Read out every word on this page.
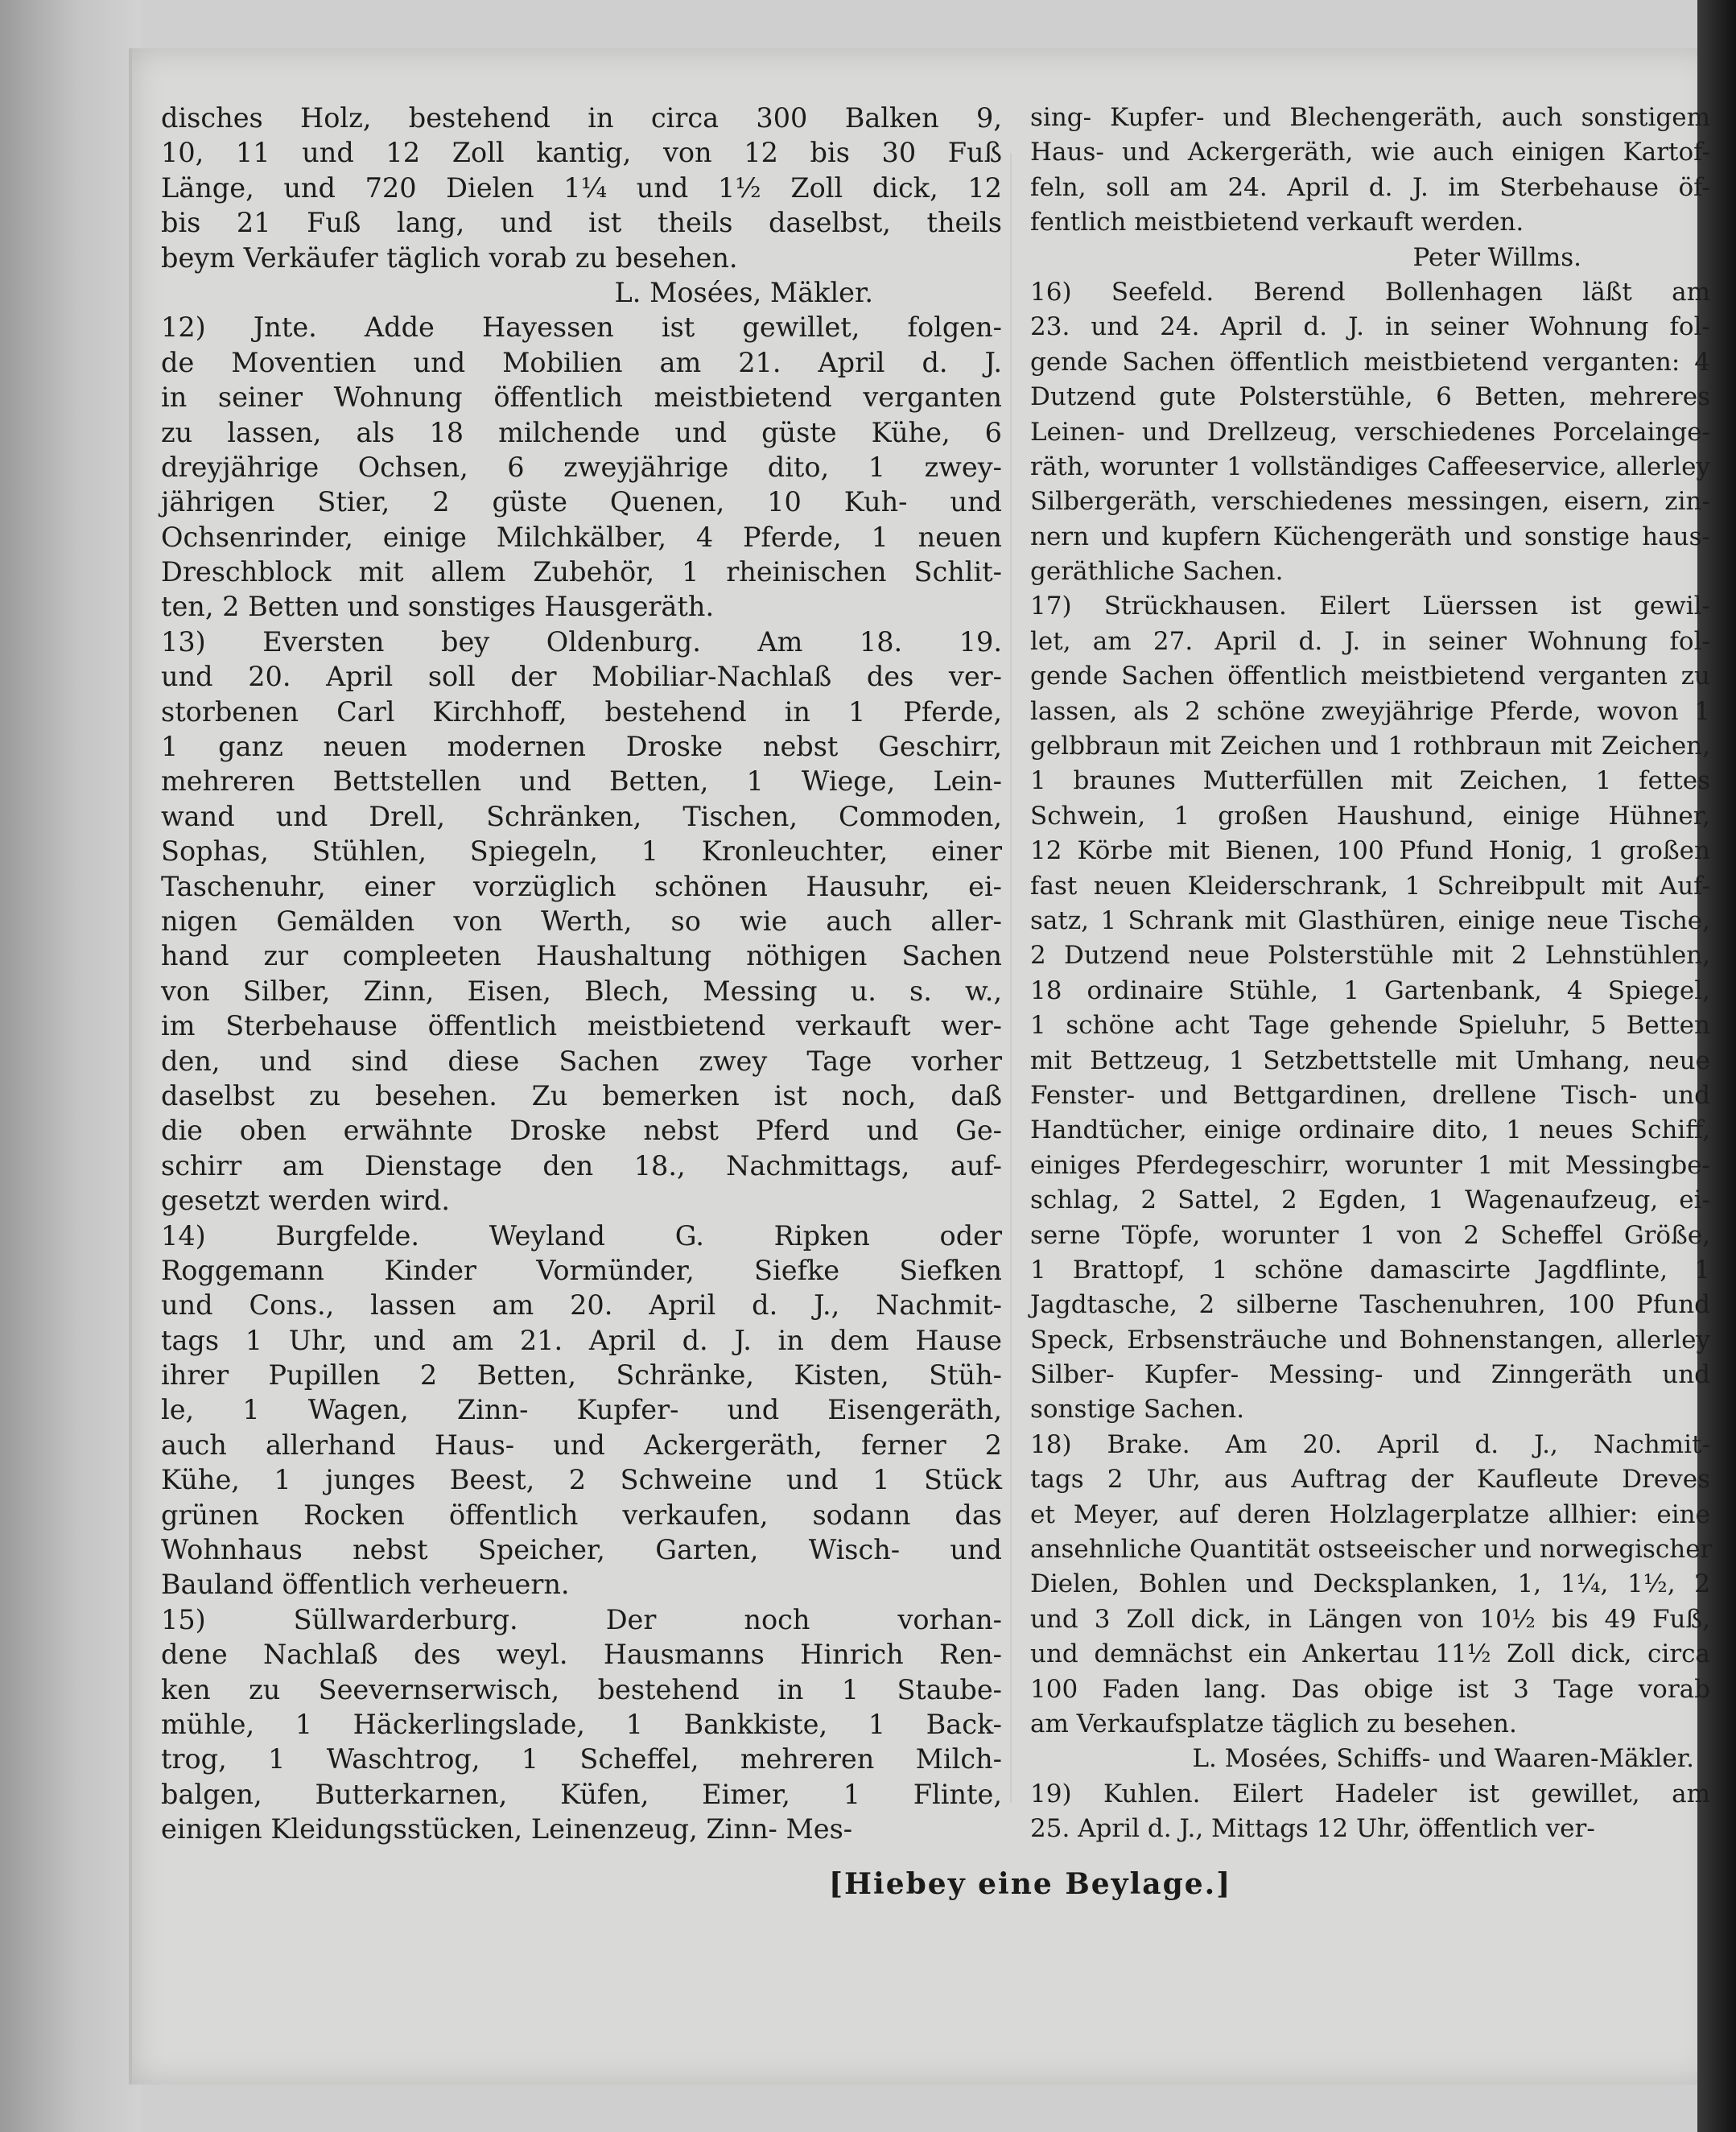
disches Holz, bestehend in circa 300 Balken 9,
10, 11 und 12 Zoll kantig, von 12 bis 30 Fuß
Länge, und 720 Dielen 1¼ und 1½ Zoll dick, 12
bis 21 Fuß lang, und ist theils daselbst, theils
beym Verkäufer täglich vorab zu besehen.
L. Mosées, Mäkler.
12) Jnte. Adde Hayessen ist gewillet, folgen-
de Moventien und Mobilien am 21. April d. J.
in seiner Wohnung öffentlich meistbietend verganten
zu lassen, als 18 milchende und güste Kühe, 6
dreyjährige Ochsen, 6 zweyjährige dito, 1 zwey-
jährigen Stier, 2 güste Quenen, 10 Kuh- und
Ochsenrinder, einige Milchkälber, 4 Pferde, 1 neuen
Dreschblock mit allem Zubehör, 1 rheinischen Schlit-
ten, 2 Betten und sonstiges Hausgeräth.
13) Eversten bey Oldenburg. Am 18. 19.
und 20. April soll der Mobiliar-Nachlaß des ver-
storbenen Carl Kirchhoff, bestehend in 1 Pferde,
1 ganz neuen modernen Droske nebst Geschirr,
mehreren Bettstellen und Betten, 1 Wiege, Lein-
wand und Drell, Schränken, Tischen, Commoden,
Sophas, Stühlen, Spiegeln, 1 Kronleuchter, einer
Taschenuhr, einer vorzüglich schönen Hausuhr, ei-
nigen Gemälden von Werth, so wie auch aller-
hand zur compleeten Haushaltung nöthigen Sachen
von Silber, Zinn, Eisen, Blech, Messing u. s. w.,
im Sterbehause öffentlich meistbietend verkauft wer-
den, und sind diese Sachen zwey Tage vorher
daselbst zu besehen. Zu bemerken ist noch, daß
die oben erwähnte Droske nebst Pferd und Ge-
schirr am Dienstage den 18., Nachmittags, auf-
gesetzt werden wird.
14) Burgfelde. Weyland G. Ripken oder
Roggemann Kinder Vormünder, Siefke Siefken
und Cons., lassen am 20. April d. J., Nachmit-
tags 1 Uhr, und am 21. April d. J. in dem Hause
ihrer Pupillen 2 Betten, Schränke, Kisten, Stüh-
le, 1 Wagen, Zinn- Kupfer- und Eisengeräth,
auch allerhand Haus- und Ackergeräth, ferner 2
Kühe, 1 junges Beest, 2 Schweine und 1 Stück
grünen Rocken öffentlich verkaufen, sodann das
Wohnhaus nebst Speicher, Garten, Wisch- und
Bauland öffentlich verheuern.
15) Süllwarderburg. Der noch vorhan-
dene Nachlaß des weyl. Hausmanns Hinrich Ren-
ken zu Seevernserwisch, bestehend in 1 Staube-
mühle, 1 Häckerlingslade, 1 Bankkiste, 1 Back-
trog, 1 Waschtrog, 1 Scheffel, mehreren Milch-
balgen, Butterkarnen, Küfen, Eimer, 1 Flinte,
einigen Kleidungsstücken, Leinenzeug, Zinn- Mes-
sing- Kupfer- und Blechengeräth, auch sonstigem
Haus- und Ackergeräth, wie auch einigen Kartof-
feln, soll am 24. April d. J. im Sterbehause öf-
fentlich meistbietend verkauft werden.
Peter Willms.
16) Seefeld. Berend Bollenhagen läßt am
23. und 24. April d. J. in seiner Wohnung fol-
gende Sachen öffentlich meistbietend verganten: 4
Dutzend gute Polsterstühle, 6 Betten, mehreres
Leinen- und Drellzeug, verschiedenes Porcelainge-
räth, worunter 1 vollständiges Caffeeservice, allerley
Silbergeräth, verschiedenes messingen, eisern, zin-
nern und kupfern Küchengeräth und sonstige haus-
geräthliche Sachen.
17) Strückhausen. Eilert Lüerssen ist gewil-
let, am 27. April d. J. in seiner Wohnung fol-
gende Sachen öffentlich meistbietend verganten zu
lassen, als 2 schöne zweyjährige Pferde, wovon 1
gelbbraun mit Zeichen und 1 rothbraun mit Zeichen,
1 braunes Mutterfüllen mit Zeichen, 1 fettes
Schwein, 1 großen Haushund, einige Hühner,
12 Körbe mit Bienen, 100 Pfund Honig, 1 großen
fast neuen Kleiderschrank, 1 Schreibpult mit Auf-
satz, 1 Schrank mit Glasthüren, einige neue Tische,
2 Dutzend neue Polsterstühle mit 2 Lehnstühlen,
18 ordinaire Stühle, 1 Gartenbank, 4 Spiegel,
1 schöne acht Tage gehende Spieluhr, 5 Betten
mit Bettzeug, 1 Setzbettstelle mit Umhang, neue
Fenster- und Bettgardinen, drellene Tisch- und
Handtücher, einige ordinaire dito, 1 neues Schiff,
einiges Pferdegeschirr, worunter 1 mit Messingbe-
schlag, 2 Sattel, 2 Egden, 1 Wagenaufzeug, ei-
serne Töpfe, worunter 1 von 2 Scheffel Größe,
1 Brattopf, 1 schöne damascirte Jagdflinte, 1
Jagdtasche, 2 silberne Taschenuhren, 100 Pfund
Speck, Erbsensträuche und Bohnenstangen, allerley
Silber- Kupfer- Messing- und Zinngeräth und
sonstige Sachen.
18) Brake. Am 20. April d. J., Nachmit-
tags 2 Uhr, aus Auftrag der Kaufleute Dreves
et Meyer, auf deren Holzlagerplatze allhier: eine
ansehnliche Quantität ostseeischer und norwegischer
Dielen, Bohlen und Decksplanken, 1, 1¼, 1½, 2
und 3 Zoll dick, in Längen von 10½ bis 49 Fuß,
und demnächst ein Ankertau 11½ Zoll dick, circa
100 Faden lang. Das obige ist 3 Tage vorab
am Verkaufsplatze täglich zu besehen.
L. Mosées, Schiffs- und Waaren-Mäkler.
19) Kuhlen. Eilert Hadeler ist gewillet, am
25. April d. J., Mittags 12 Uhr, öffentlich ver-
[Hiebey eine Beylage.]
